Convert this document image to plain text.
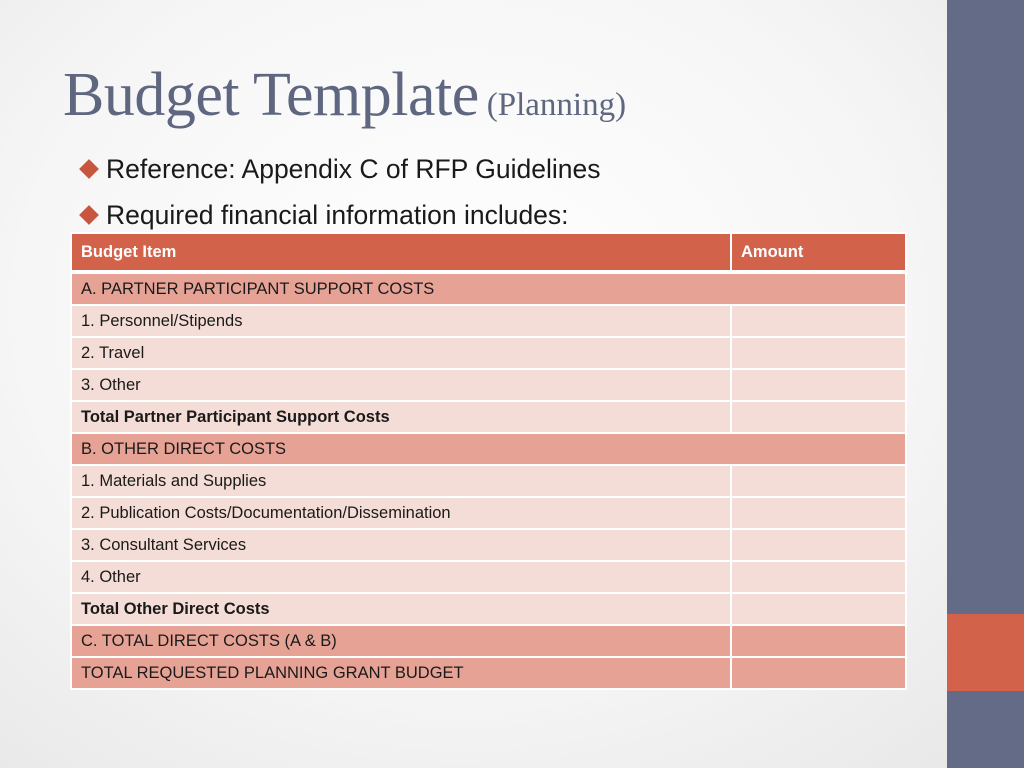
Budget Template (Planning)
Reference: Appendix C of RFP Guidelines
Required financial information includes:
Budget Item	Amount
A. PARTNER PARTICIPANT SUPPORT COSTS	
1. Personnel/Stipends	
2. Travel	
3. Other	
Total Partner Participant Support Costs	
B. OTHER DIRECT COSTS	
1. Materials and Supplies	
2. Publication Costs/Documentation/Dissemination	
3. Consultant Services	
4. Other	
Total Other Direct Costs	
C. TOTAL DIRECT COSTS (A & B)	
TOTAL REQUESTED PLANNING GRANT BUDGET	
